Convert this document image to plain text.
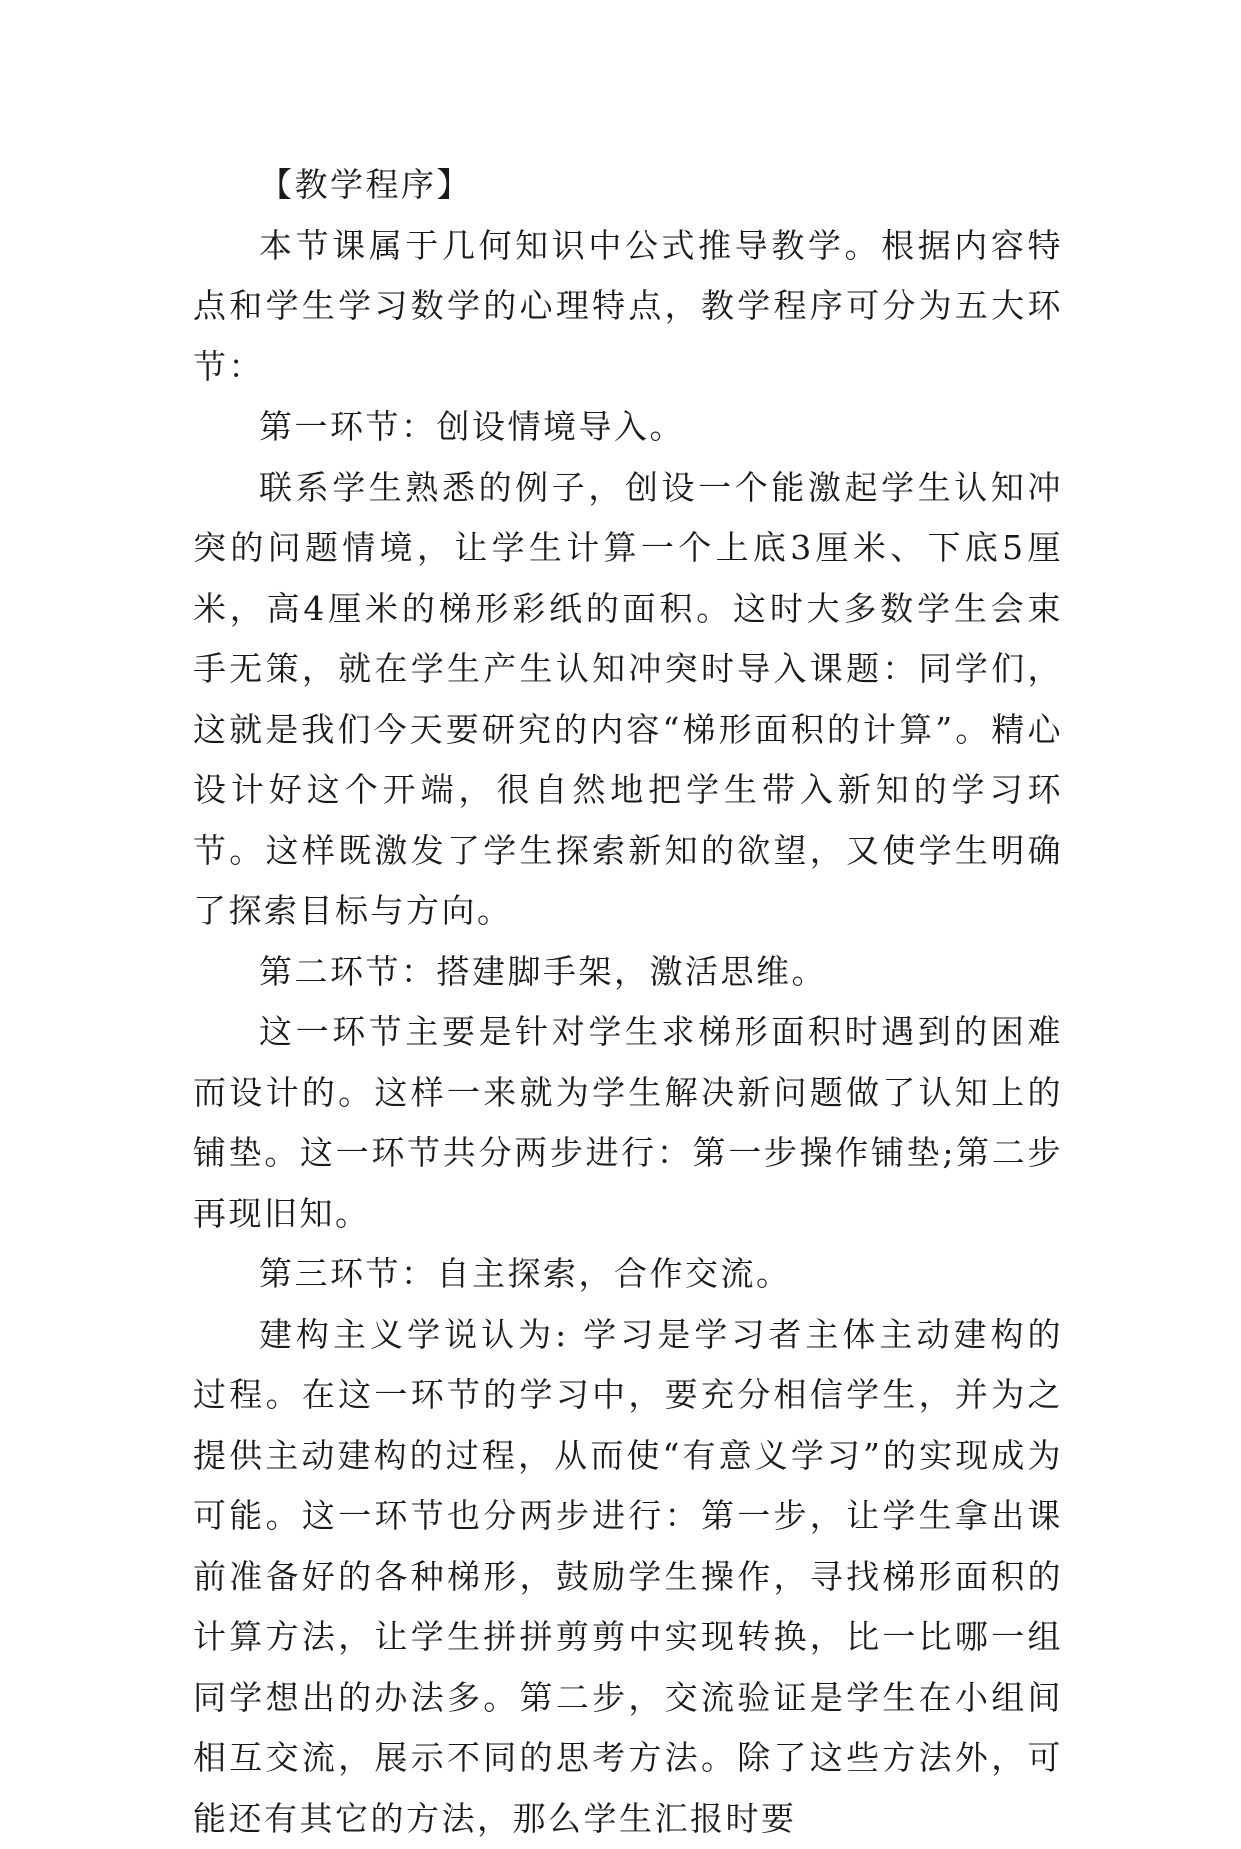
【教学程序】

本节课属于几何知识中公式推导教学。根据内容特点和学生学习数学的心理特点，教学程序可分为五大环节：

第一环节：创设情境导入。

联系学生熟悉的例子，创设一个能激起学生认知冲突的问题情境，让学生计算一个上底3厘米、下底5厘米，高4厘米的梯形彩纸的面积。这时大多数学生会束手无策，就在学生产生认知冲突时导入课题：同学们，这就是我们今天要研究的内容“梯形面积的计算”。精心设计好这个开端，很自然地把学生带入新知的学习环节。这样既激发了学生探索新知的欲望，又使学生明确了探索目标与方向。

第二环节：搭建脚手架，激活思维。

这一环节主要是针对学生求梯形面积时遇到的困难而设计的。这样一来就为学生解决新问题做了认知上的铺垫。这一环节共分两步进行：第一步操作铺垫;第二步再现旧知。

第三环节：自主探索，合作交流。

建构主义学说认为: 学习是学习者主体主动建构的过程。在这一环节的学习中，要充分相信学生，并为之提供主动建构的过程，从而使“有意义学习”的实现成为可能。这一环节也分两步进行：第一步，让学生拿出课前准备好的各种梯形，鼓励学生操作，寻找梯形面积的计算方法，让学生拼拼剪剪中实现转换，比一比哪一组同学想出的办法多。第二步，交流验证是学生在小组间相互交流，展示不同的思考方法。除了这些方法外，可能还有其它的方法，那么学生汇报时要
